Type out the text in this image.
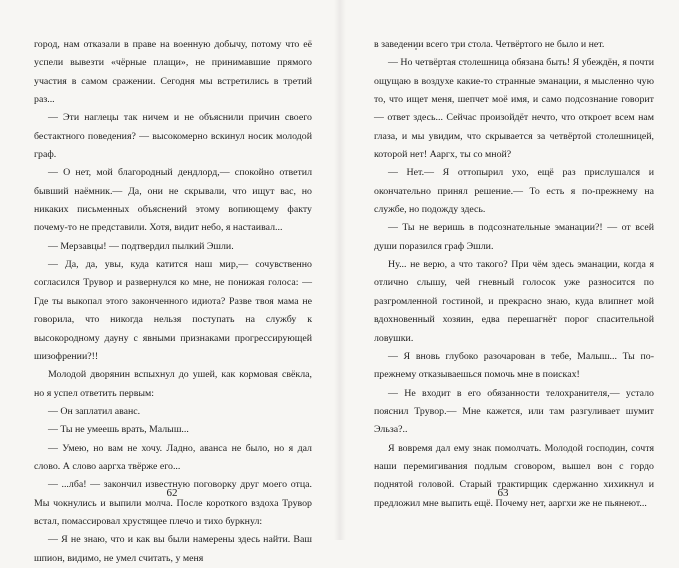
город, нам отказали в праве на военную добычу, потому что её успели вывезти «чёрные плащи», не принимавшие прямого участия в самом сражении. Сегодня мы встретились в третий раз...

— Эти наглецы так ничем и не объяснили причин своего бестактного поведения? — высокомерно вскинул носик молодой граф.

— О нет, мой благородный дендлорд,— спокойно ответил бывший наёмник.— Да, они не скрывали, что ищут вас, но никаких письменных объяснений этому вопиющему факту почему-то не представили. Хотя, видит небо, я настаивал...

— Мерзавцы! — подтвердил пылкий Эшли.

— Да, да, увы, куда катится наш мир,— сочувственно согласился Трувор и развернулся ко мне, не понижая голоса: — Где ты выкопал этого законченного идиота? Разве твоя мама не говорила, что никогда нельзя поступать на службу к высокородному дауну с явными признаками прогрессирующей шизофрении?!!

Молодой дворянин вспыхнул до ушей, как кормовая свёкла, но я успел ответить первым:

— Он заплатил аванс.

— Ты не умеешь врать, Малыш...

— Умею, но вам не хочу. Ладно, аванса не было, но я дал слово. А слово ааргха твёрже его...

— ...лба! — закончил известную поговорку друг моего отца. Мы чокнулись и выпили молча. После короткого вздоха Трувор встал, помассировал хрустящее плечо и тихо буркнул:

— Я не знаю, что и как вы были намерены здесь найти. Ваш шпион, видимо, не умел считать, у меня

62

в заведении всего три стола. Четвёртого не было и нет.

— Но четвёртая столешница обязана быть! Я убеждён, я почти ощущаю в воздухе какие-то странные эманации, я мысленно чую то, что ищет меня, шепчет моё имя, и само подсознание говорит — ответ здесь... Сейчас произойдёт нечто, что откроет всем нам глаза, и мы увидим, что скрывается за четвёртой столешницей, которой нет! Ааргх, ты со мной?

— Нет.— Я оттопырил ухо, ещё раз прислушался и окончательно принял решение.— То есть я по-прежнему на службе, но подожду здесь.

— Ты не веришь в подсознательные эманации?! — от всей души поразился граф Эшли.

Ну... не верю, а что такого? При чём здесь эманации, когда я отлично слышу, чей гневный голосок уже разносится по разгромленной гостиной, и прекрасно знаю, куда влипнет мой вдохновенный хозяин, едва перешагнёт порог спасительной ловушки.

— Я вновь глубоко разочарован в тебе, Малыш... Ты по-прежнему отказываешься помочь мне в поисках!

— Не входит в его обязанности телохранителя,— устало пояснил Трувор.— Мне кажется, или там разгуливает шумит Эльза?..

Я вовремя дал ему знак помолчать. Молодой господин, сочтя наши перемигивания подлым сговором, вышел вон с гордо поднятой головой. Старый трактирщик сдержанно хихикнул и предложил мне выпить ещё. Почему нет, ааргхи же не пьянеют...

63
